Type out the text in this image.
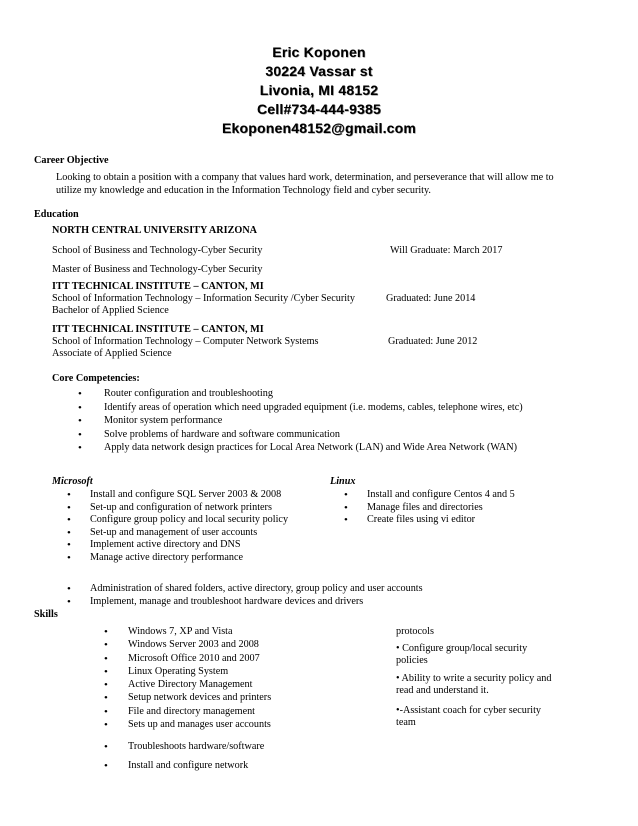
Eric Koponen
30224 Vassar st
Livonia, MI 48152
Cell#734-444-9385
Ekoponen48152@gmail.com
Career Objective
Looking to obtain a position with a company that values hard work, determination, and perseverance that will allow me to
utilize my knowledge and education in the Information Technology field and cyber security.
Education
NORTH CENTRAL UNIVERSITY ARIZONA
School of Business and Technology-Cyber Security	Will Graduate: March 2017
Master of Business and Technology-Cyber Security
ITT TECHNICAL INSTITUTE – CANTON, MI
School of Information Technology – Information Security /Cyber Security	Graduated: June 2014
Bachelor of Applied Science
ITT TECHNICAL INSTITUTE – CANTON, MI
School of Information Technology – Computer Network Systems	Graduated: June 2012
Associate of Applied Science
Core Competencies:
• Router configuration and troubleshooting
• Identify areas of operation which need upgraded equipment (i.e. modems, cables, telephone wires, etc)
• Monitor system performance
• Solve problems of hardware and software communication
• Apply data network design practices for Local Area Network (LAN) and Wide Area Network (WAN)
Microsoft
• Install and configure SQL Server 2003 & 2008
• Set-up and configuration of network printers
• Configure group policy and local security policy
• Set-up and management of user accounts
• Implement active directory and DNS
• Manage active directory performance
Linux
• Install and configure Centos 4 and 5
• Manage files and directories
• Create files using vi editor
• Administration of shared folders, active directory, group policy and user accounts
• Implement, manage and troubleshoot hardware devices and drivers
Skills
• Windows 7, XP and Vista
• Windows Server 2003 and 2008
• Microsoft Office 2010 and 2007
• Linux Operating System
• Active Directory Management
• Setup network devices and printers
• File and directory management
• Sets up and manages user accounts
• Troubleshoots hardware/software
• Install and configure network
protocols
• Configure group/local security policies
• Ability to write a security policy and read and understand it.
•-Assistant coach for cyber security team
